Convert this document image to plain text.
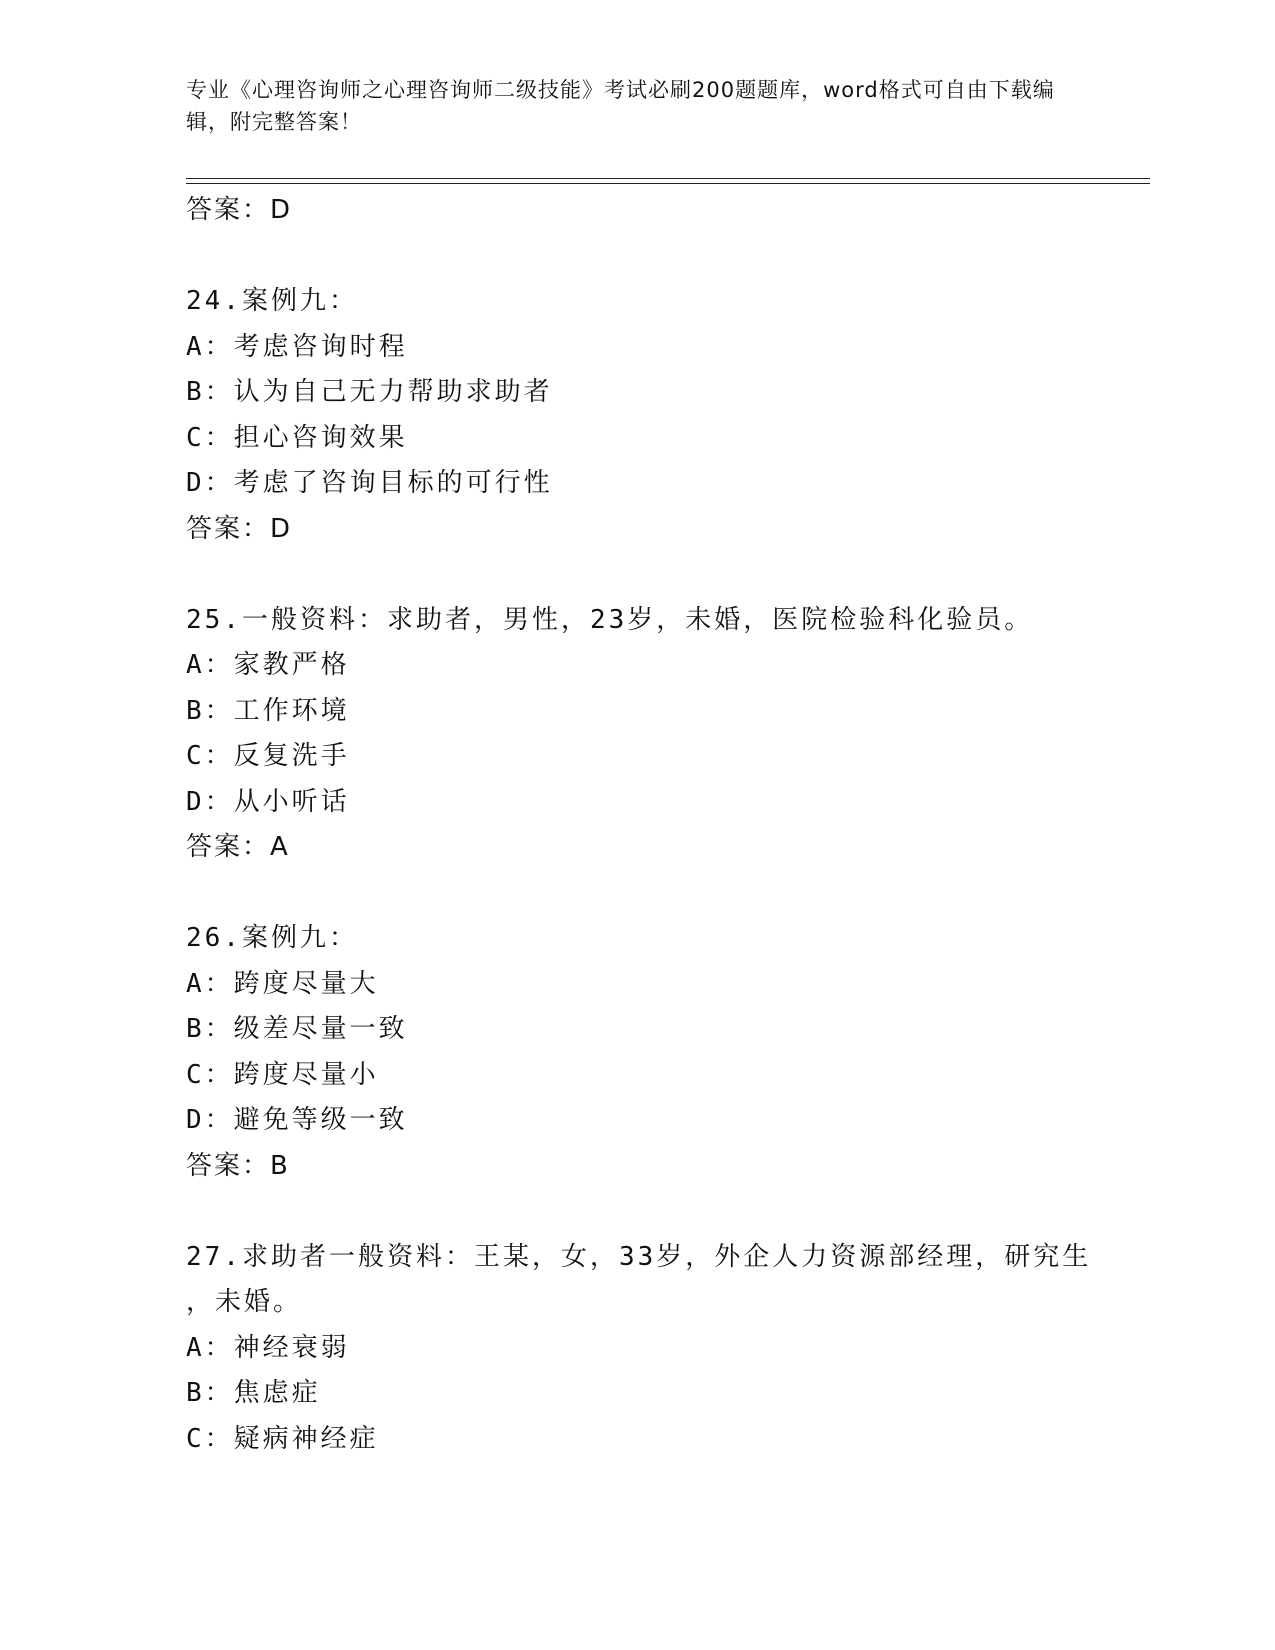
专业《心理咨询师之心理咨询师二级技能》考试必刷200题题库，word格式可自由下载编辑，附完整答案！
答案：D
24.案例九：
A：考虑咨询时程
B：认为自己无力帮助求助者
C：担心咨询效果
D：考虑了咨询目标的可行性
答案：D
25.一般资料：求助者，男性，23岁，未婚，医院检验科化验员。
A：家教严格
B：工作环境
C：反复洗手
D：从小听话
答案：A
26.案例九：
A：跨度尽量大
B：级差尽量一致
C：跨度尽量小
D：避免等级一致
答案：B
27.求助者一般资料：王某，女，33岁，外企人力资源部经理，研究生
，未婚。
A：神经衰弱
B：焦虑症
C：疑病神经症
